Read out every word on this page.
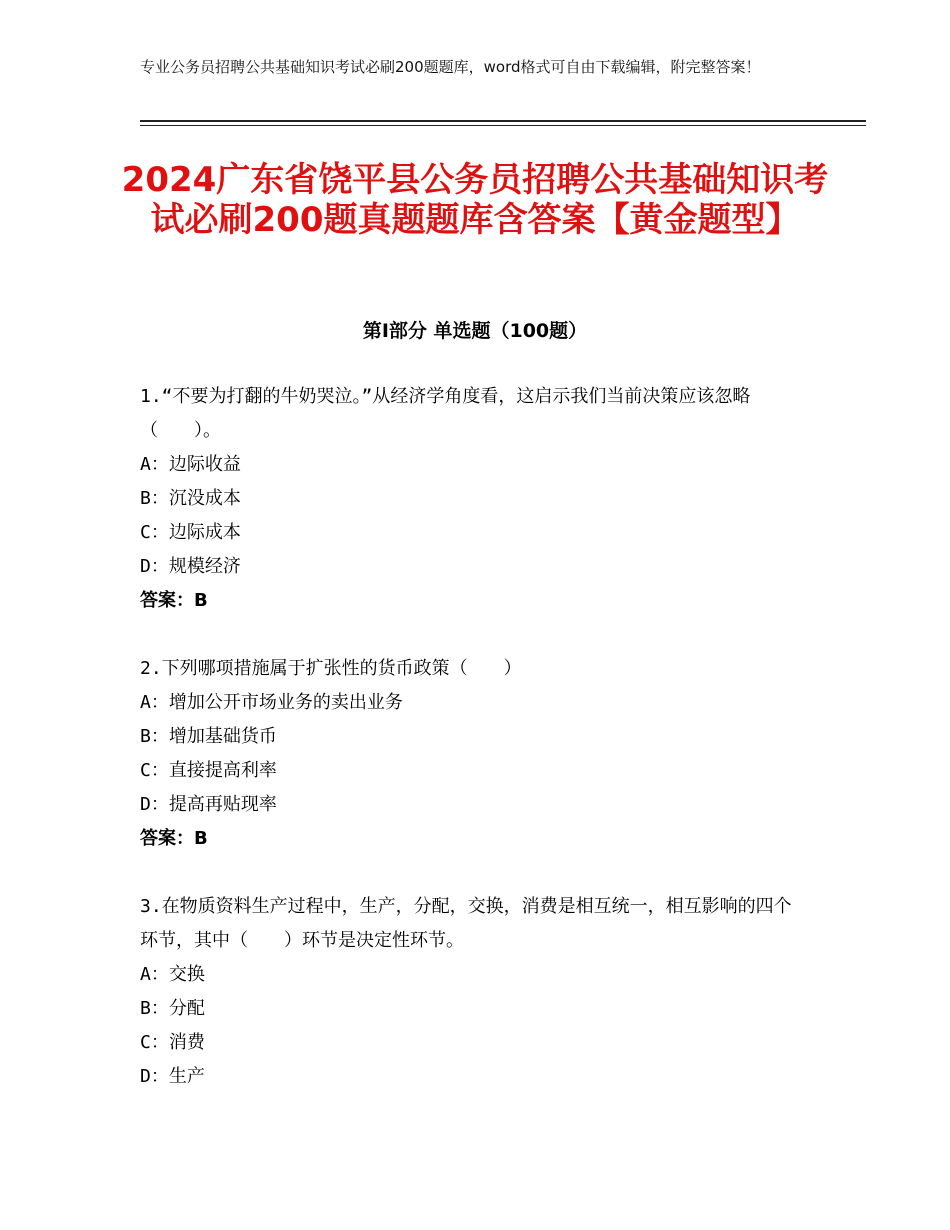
专业公务员招聘公共基础知识考试必刷200题题库，word格式可自由下载编辑，附完整答案！
2024广东省饶平县公务员招聘公共基础知识考试必刷200题真题题库含答案【黄金题型】
第Ⅰ部分 单选题（100题）

1.“不要为打翻的牛奶哭泣。”从经济学角度看，这启示我们当前决策应该忽略（　　）。

A：边际收益

B：沉没成本

C：边际成本

D：规模经济

答案：B

2.下列哪项措施属于扩张性的货币政策（　　）

A：增加公开市场业务的卖出业务

B：增加基础货币

C：直接提高利率

D：提高再贴现率

答案：B

3.在物质资料生产过程中，生产，分配，交换，消费是相互统一，相互影响的四个环节，其中（　　）环节是决定性环节。

A：交换

B：分配

C：消费

D：生产
